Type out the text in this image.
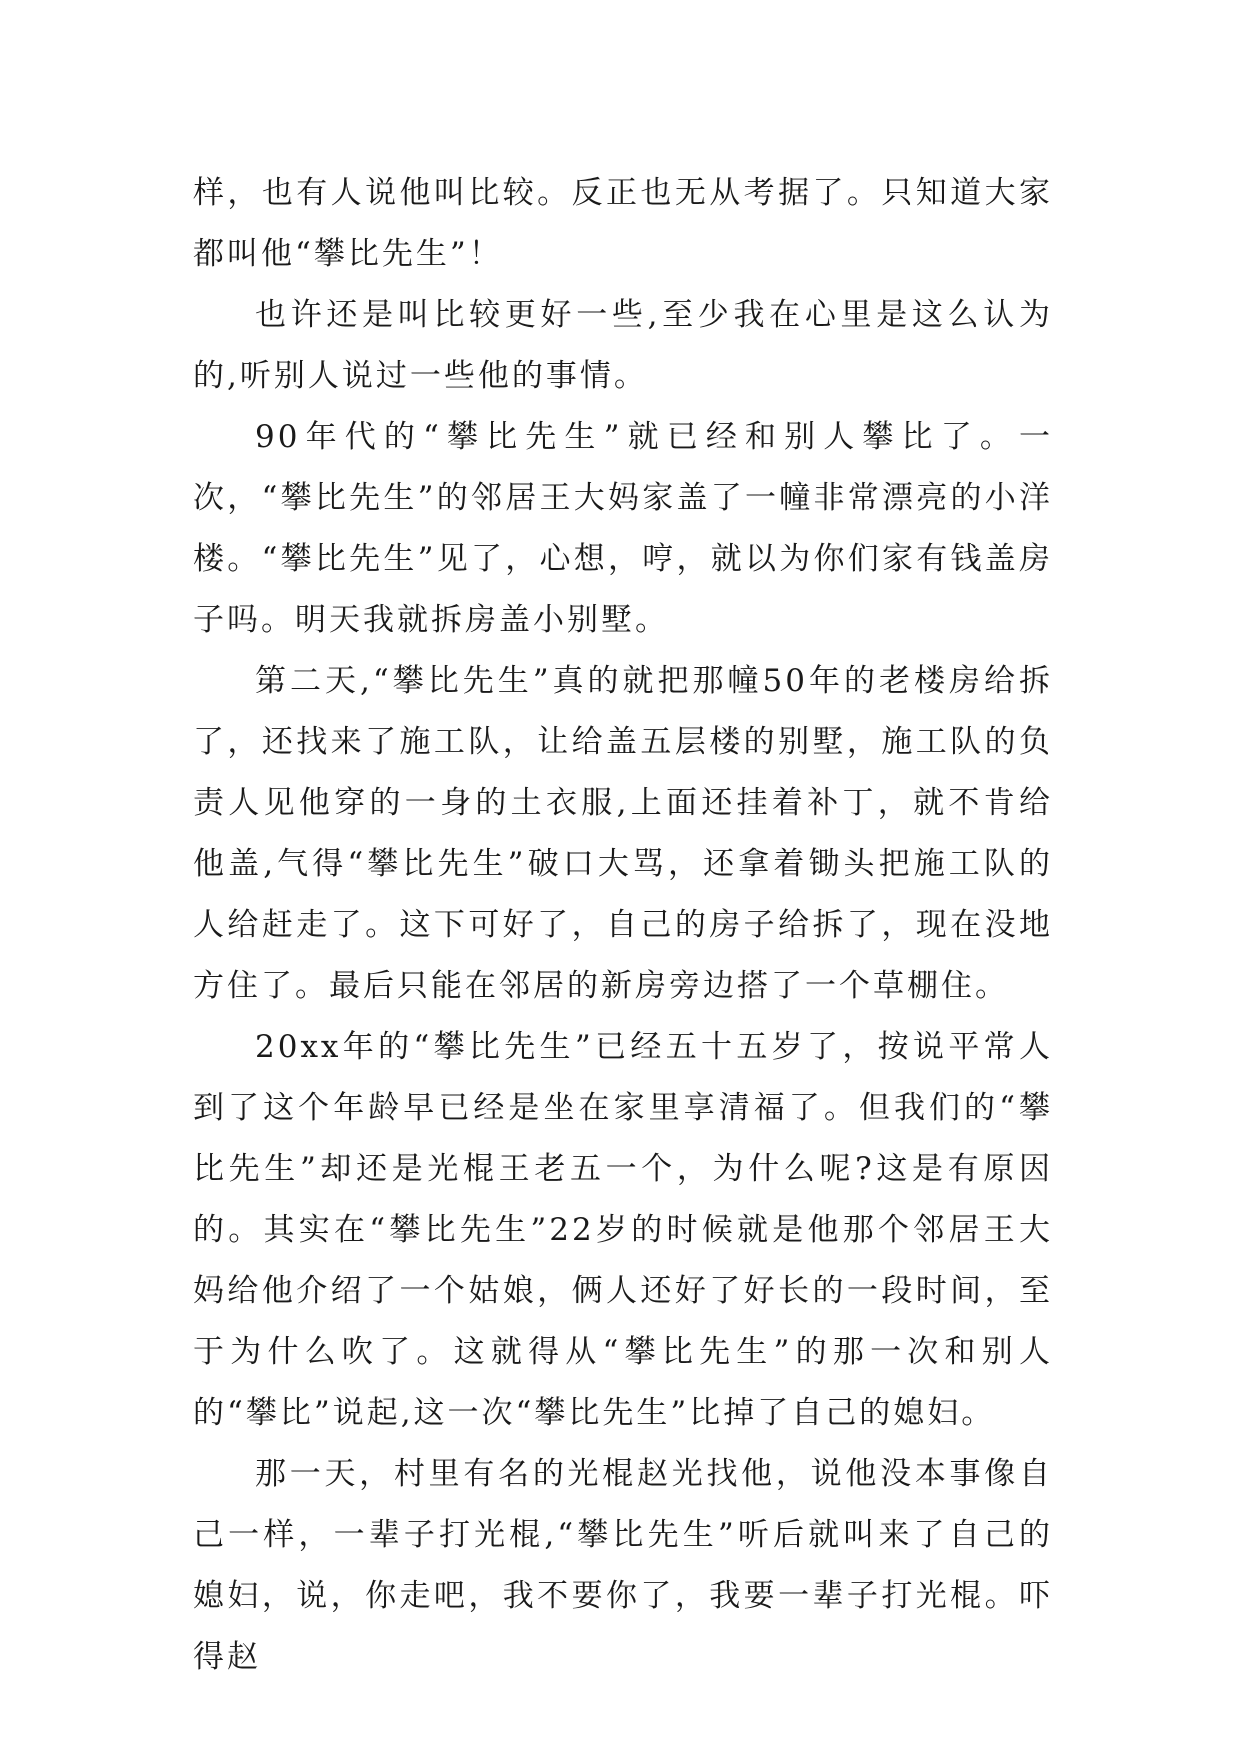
样，也有人说他叫比较。反正也无从考据了。只知道大家都叫他“攀比先生”！

也许还是叫比较更好一些,至少我在心里是这么认为的,听别人说过一些他的事情。

90年代的“攀比先生”就已经和别人攀比了。一次，“攀比先生”的邻居王大妈家盖了一幢非常漂亮的小洋楼。“攀比先生”见了，心想，哼，就以为你们家有钱盖房子吗。明天我就拆房盖小别墅。

第二天,“攀比先生”真的就把那幢50年的老楼房给拆了，还找来了施工队，让给盖五层楼的别墅，施工队的负责人见他穿的一身的土衣服,上面还挂着补丁，就不肯给他盖,气得“攀比先生”破口大骂，还拿着锄头把施工队的人给赶走了。这下可好了，自己的房子给拆了，现在没地方住了。最后只能在邻居的新房旁边搭了一个草棚住。

20xx年的“攀比先生”已经五十五岁了，按说平常人到了这个年龄早已经是坐在家里享清福了。但我们的“攀比先生”却还是光棍王老五一个，为什么呢?这是有原因的。其实在“攀比先生”22岁的时候就是他那个邻居王大妈给他介绍了一个姑娘，俩人还好了好长的一段时间，至于为什么吹了。这就得从“攀比先生”的那一次和别人的“攀比”说起,这一次“攀比先生”比掉了自己的媳妇。

那一天，村里有名的光棍赵光找他，说他没本事像自己一样，一辈子打光棍,“攀比先生”听后就叫来了自己的媳妇，说，你走吧，我不要你了，我要一辈子打光棍。吓得赵
